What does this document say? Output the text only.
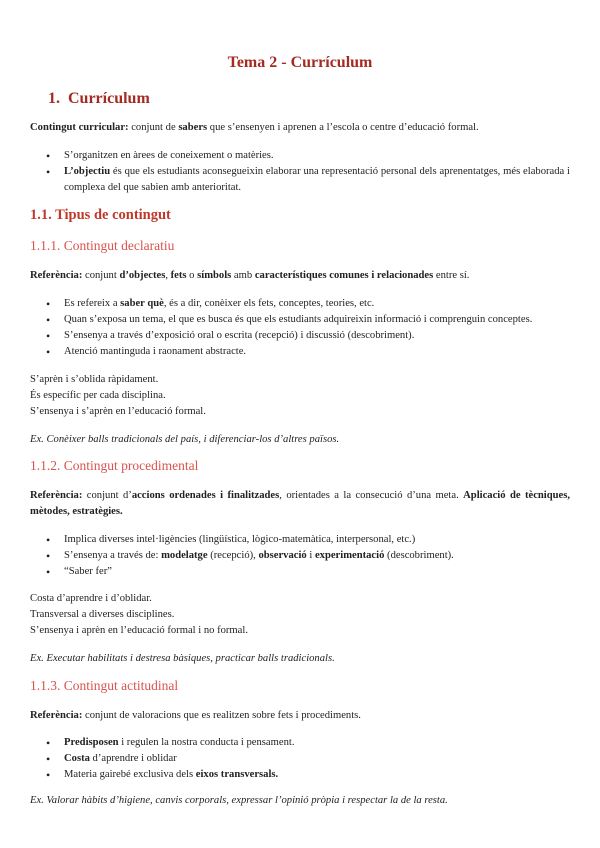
Tema 2 - Currículum
1. Currículum

Contingut curricular: conjunt de sabers que s’ensenyen i aprenen a l’escola o centre d’educació formal.

• S’organitzen en àrees de coneixement o matèries.
• L’objectiu és que els estudiants aconsegueixin elaborar una representació personal dels aprenentatges, més elaborada i complexa del que sabien amb anterioritat.
1.1. Tipus de contingut
1.1.1. Contingut declaratiu

Referència: conjunt d’objectes, fets o símbols amb característiques comunes i relacionades entre sí.

• Es refereix a saber què, és a dir, conèixer els fets, conceptes, teories, etc.
• Quan s’exposa un tema, el que es busca és que els estudiants adquireixin informació i comprenguin conceptes.
• S’ensenya a través d’exposició oral o escrita (recepció) i discussió (descobriment).
• Atenció mantinguda i raonament abstracte.
S’aprèn i s’oblida ràpidament.
És específic per cada disciplina.
S’ensenya i s’aprèn en l’educació formal.

Ex. Conèixer balls tradicionals del país, i diferenciar-los d’altres països.

1.1.2. Contingut procedimental

Referència: conjunt d’accions ordenades i finalitzades, orientades a la consecució d’una meta. Aplicació de tècniques, mètodes, estratègies.

• Implica diverses intel·ligències (lingüística, lògico-matemàtica, interpersonal, etc.)
• S’ensenya a través de: modelatge (recepció), observació i experimentació (descobriment).
• “Saber fer”
Costa d’aprendre i d’oblidar.
Transversal a diverses disciplines.
S’ensenya i aprèn en l’educació formal i no formal.

Ex. Executar habilitats i destresa bàsiques, practicar balls tradicionals.

1.1.3. Contingut actitudinal

Referència: conjunt de valoracions que es realitzen sobre fets i procediments.

• Predisposen i regulen la nostra conducta i pensament.
• Costa d’aprendre i oblidar
• Materia gairebé exclusiva dels eixos transversals.

Ex. Valorar hàbits d’higiene, canvis corporals, expressar l’opinió pròpia i respectar la de la resta.
